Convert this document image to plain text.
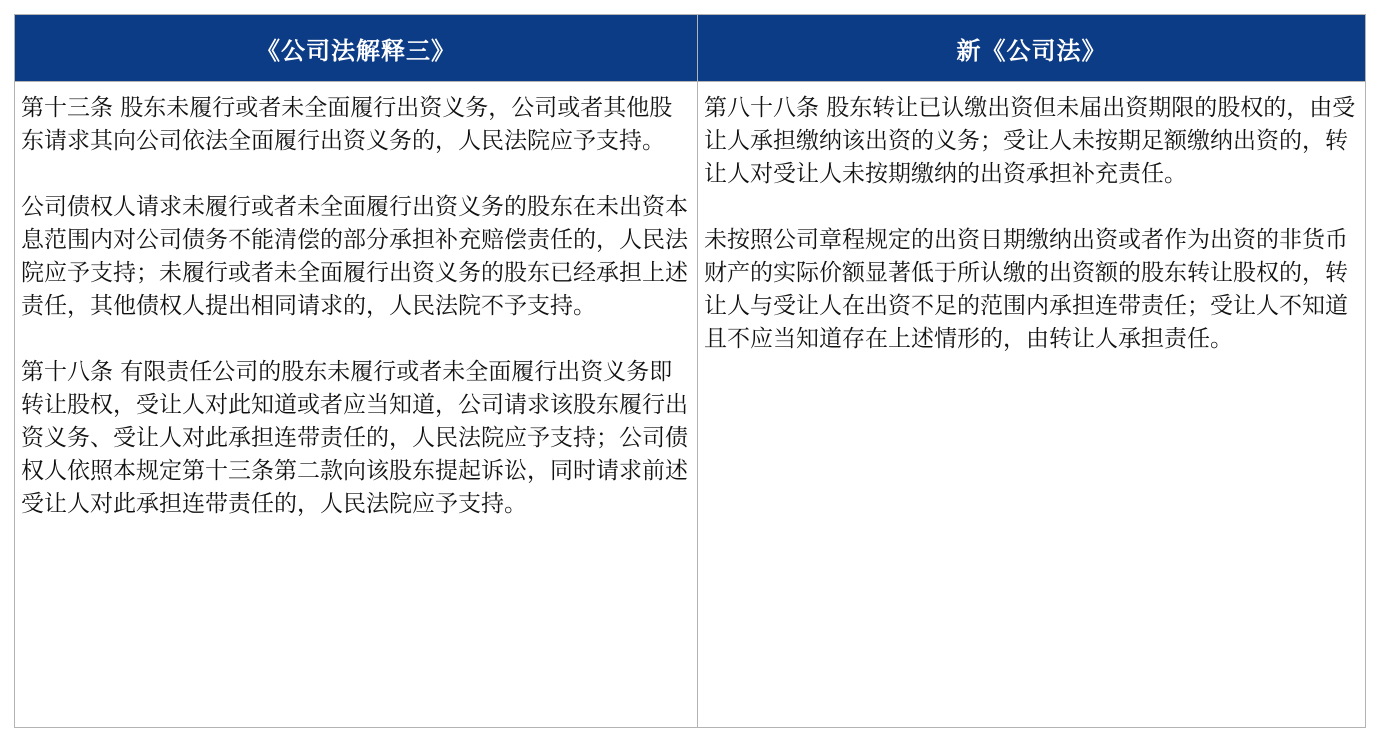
《公司法解释三》	新《公司法》

第十三条 股东未履行或者未全面履行出资义务，公司或者其他股东请求其向公司依法全面履行出资义务的，人民法院应予支持。

公司债权人请求未履行或者未全面履行出资义务的股东在未出资本息范围内对公司债务不能清偿的部分承担补充赔偿责任的，人民法院应予支持；未履行或者未全面履行出资义务的股东已经承担上述责任，其他债权人提出相同请求的，人民法院不予支持。

第十八条 有限责任公司的股东未履行或者未全面履行出资义务即转让股权，受让人对此知道或者应当知道，公司请求该股东履行出资义务、受让人对此承担连带责任的，人民法院应予支持；公司债权人依照本规定第十三条第二款向该股东提起诉讼，同时请求前述受让人对此承担连带责任的，人民法院应予支持。

第八十八条 股东转让已认缴出资但未届出资期限的股权的，由受让人承担缴纳该出资的义务；受让人未按期足额缴纳出资的，转让人对受让人未按期缴纳的出资承担补充责任。

未按照公司章程规定的出资日期缴纳出资或者作为出资的非货币财产的实际价额显著低于所认缴的出资额的股东转让股权的，转让人与受让人在出资不足的范围内承担连带责任；受让人不知道且不应当知道存在上述情形的，由转让人承担责任。
